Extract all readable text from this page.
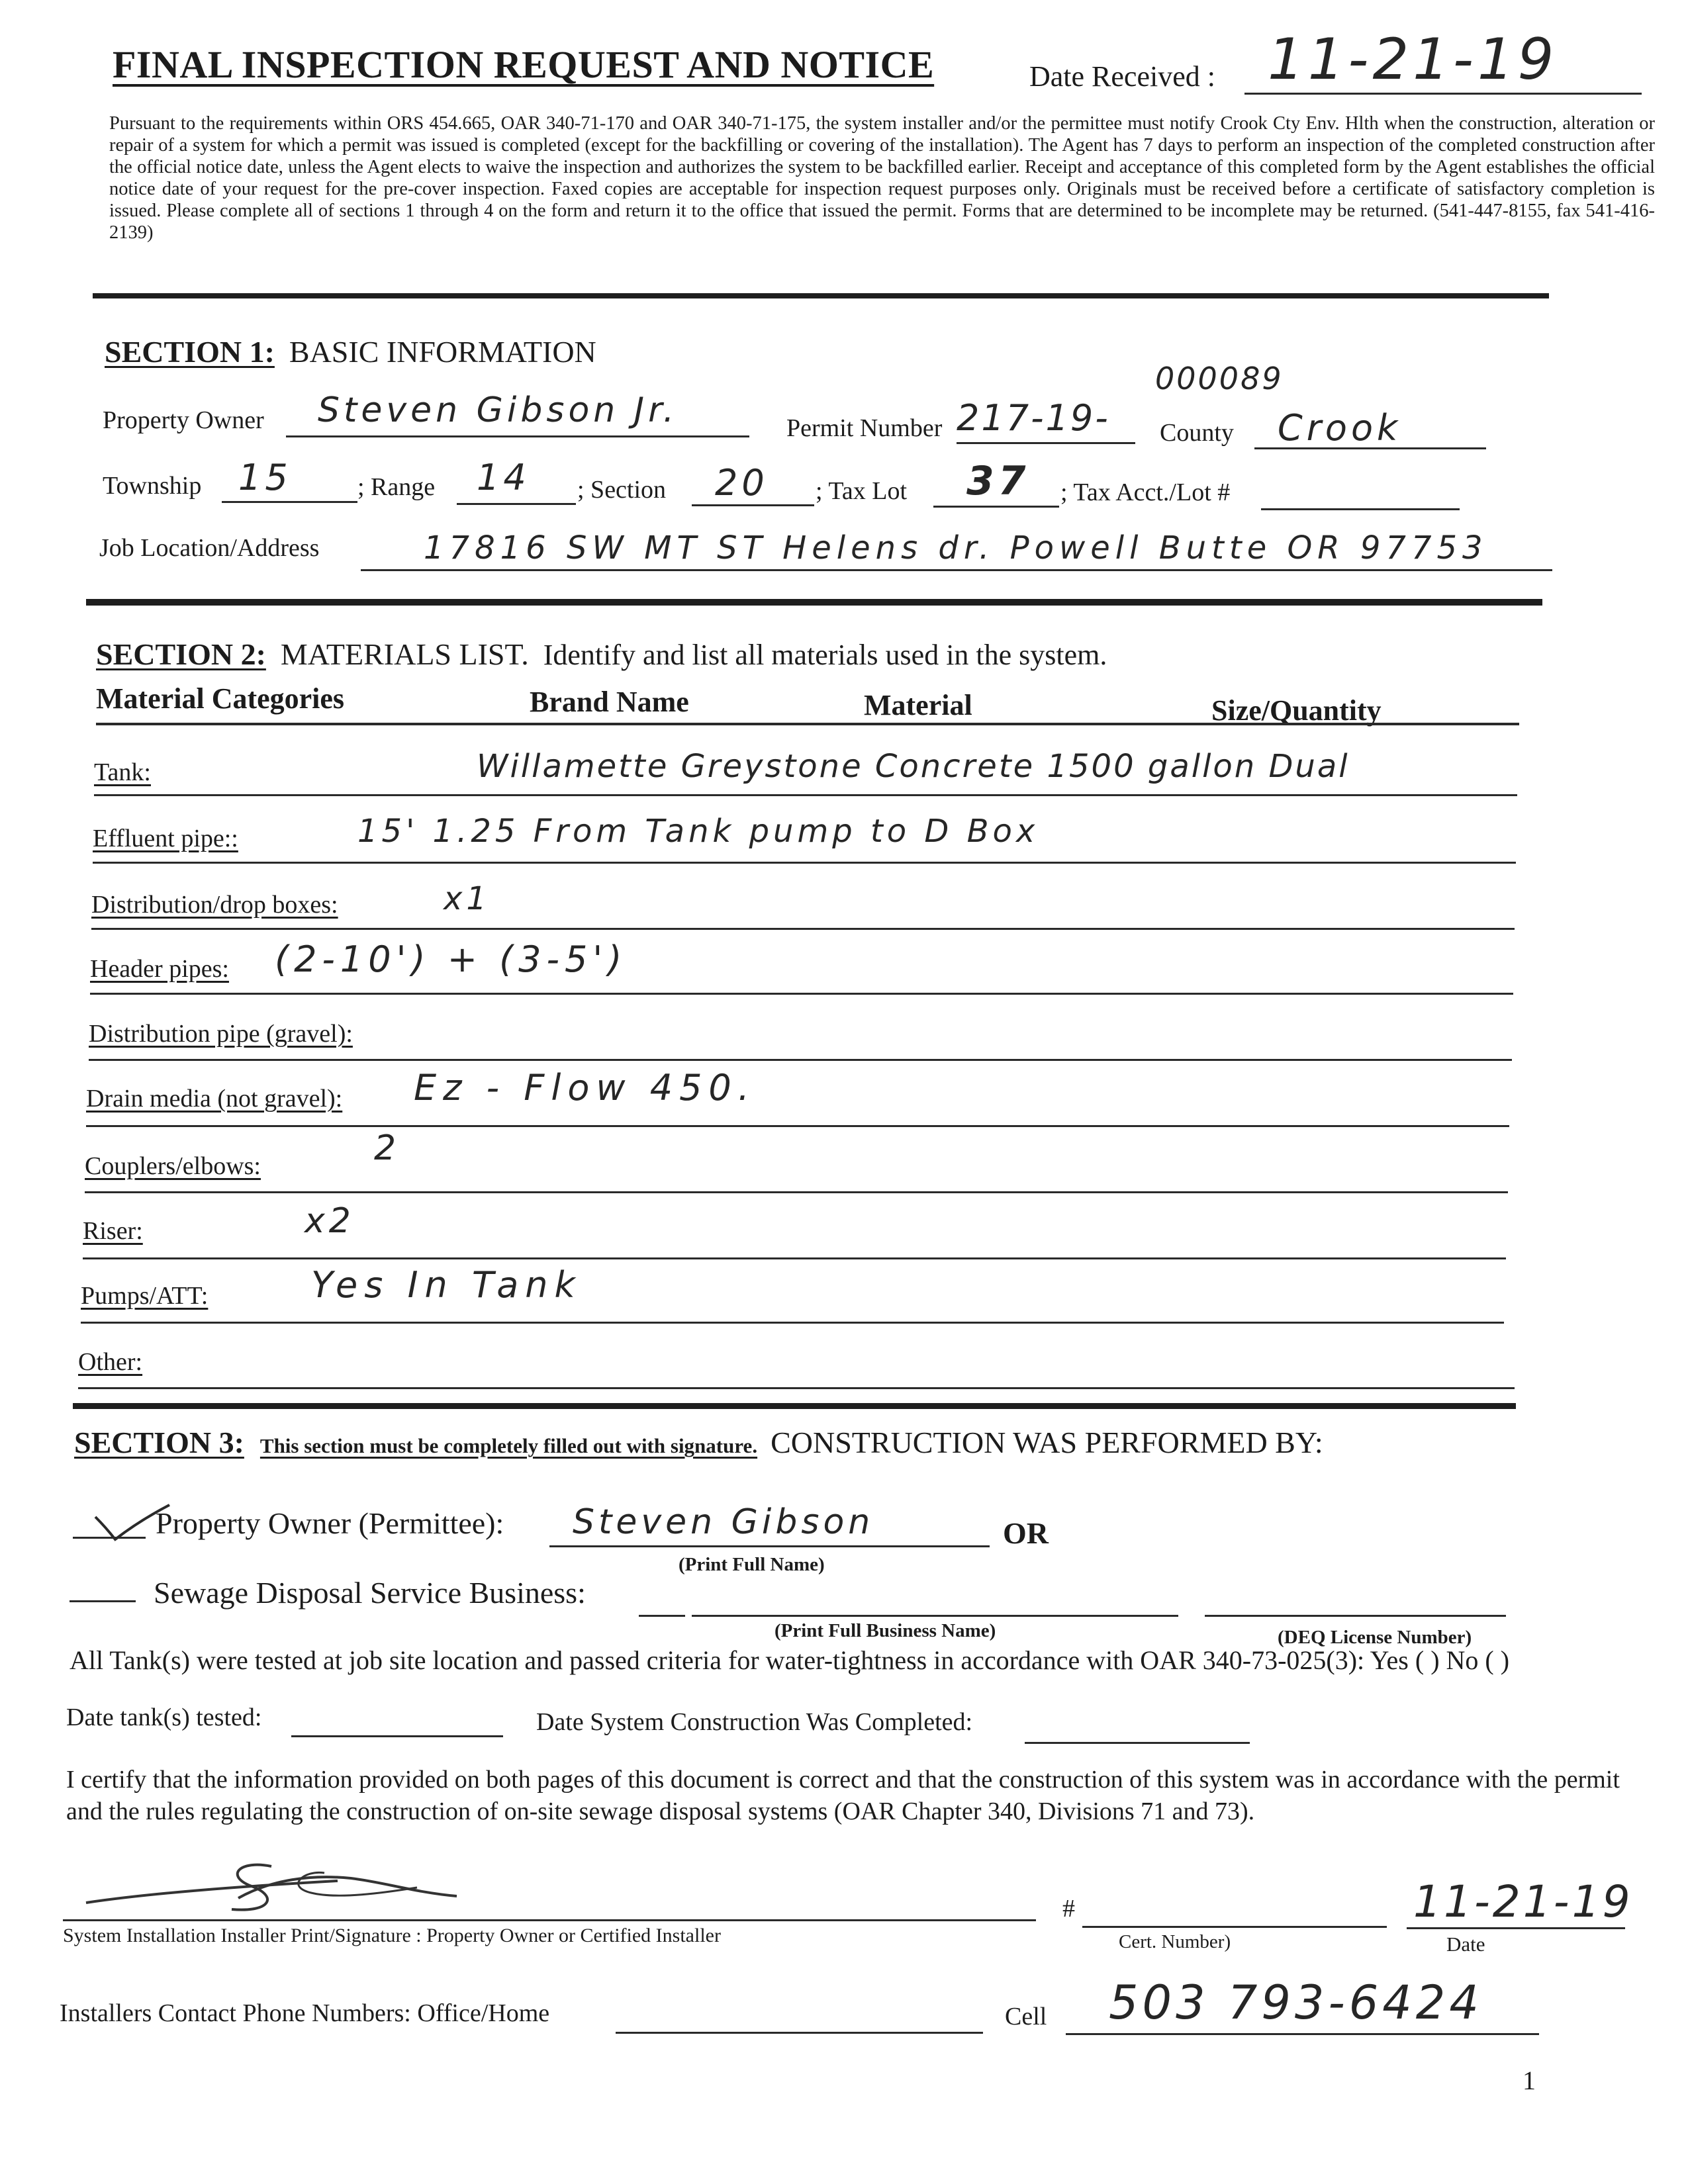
FINAL INSPECTION REQUEST AND NOTICE	Date Received : 11-21-19
Pursuant to the requirements within ORS 454.665, OAR 340-71-170 and OAR 340-71-175, the system installer and/or the permittee must notify Crook Cty Env. Hlth when the construction, alteration or repair of a system for which a permit was issued is completed (except for the backfilling or covering of the installation). The Agent has 7 days to perform an inspection of the completed construction after the official notice date, unless the Agent elects to waive the inspection and authorizes the system to be backfilled earlier. Receipt and acceptance of this completed form by the Agent establishes the official notice date of your request for the pre-cover inspection. Faxed copies are acceptable for inspection request purposes only. Originals must be received before a certificate of satisfactory completion is issued. Please complete all of sections 1 through 4 on the form and return it to the office that issued the permit. Forms that are determined to be incomplete may be returned. (541-447-8155, fax 541-416-2139)
SECTION 1: BASIC INFORMATION
Property Owner Steven Gibson Jr.	Permit Number 217-19-
000089
County Crook
Township 15	; Range 14 ; Section 20 ; Tax Lot 37 ; Tax Acct./Lot #
Job Location/Address	17816 SW MT ST Helens dr. Powell Butte OR 97753
SECTION 2: MATERIALS LIST. Identify and list all materials used in the system.
Material Categories	Brand Name	Material	Size/Quantity
Tank:	Willamette Greystone Concrete 1500 gallon Dual
Effluent pipe::	15' 1.25 From Tank pump to D Box
Distribution/drop boxes:	x1
Header pipes: (2-10') + (3-5')
Distribution pipe (gravel):
Drain media (not gravel): Ez - Flow 450.
Couplers/elbows:	2
Riser:	x2
Pumps/ATT:	Yes In Tank
Other:
SECTION 3: This section must be completely filled out with signature. CONSTRUCTION WAS PERFORMED BY:
Property Owner (Permittee): Steven Gibson
(Print Full Name)
OR
Sewage Disposal Service Business:
(Print Full Business Name)	(DEQ License Number)
All Tank(s) were tested at job site location and passed criteria for water-tightness in accordance with OAR 340-73-025(3): Yes ( ) No ( )
Date tank(s) tested:	Date System Construction Was Completed:
I certify that the information provided on both pages of this document is correct and that the construction of this system was in accordance with the permit and the rules regulating the construction of on-site sewage disposal systems (OAR Chapter 340, Divisions 71 and 73).
System Installation Installer Print/Signature : Property Owner or Certified Installer
#
Cert. Number)
11-21-19
Date
Installers Contact Phone Numbers: Office/Home	Cell 503 793-6424
1
